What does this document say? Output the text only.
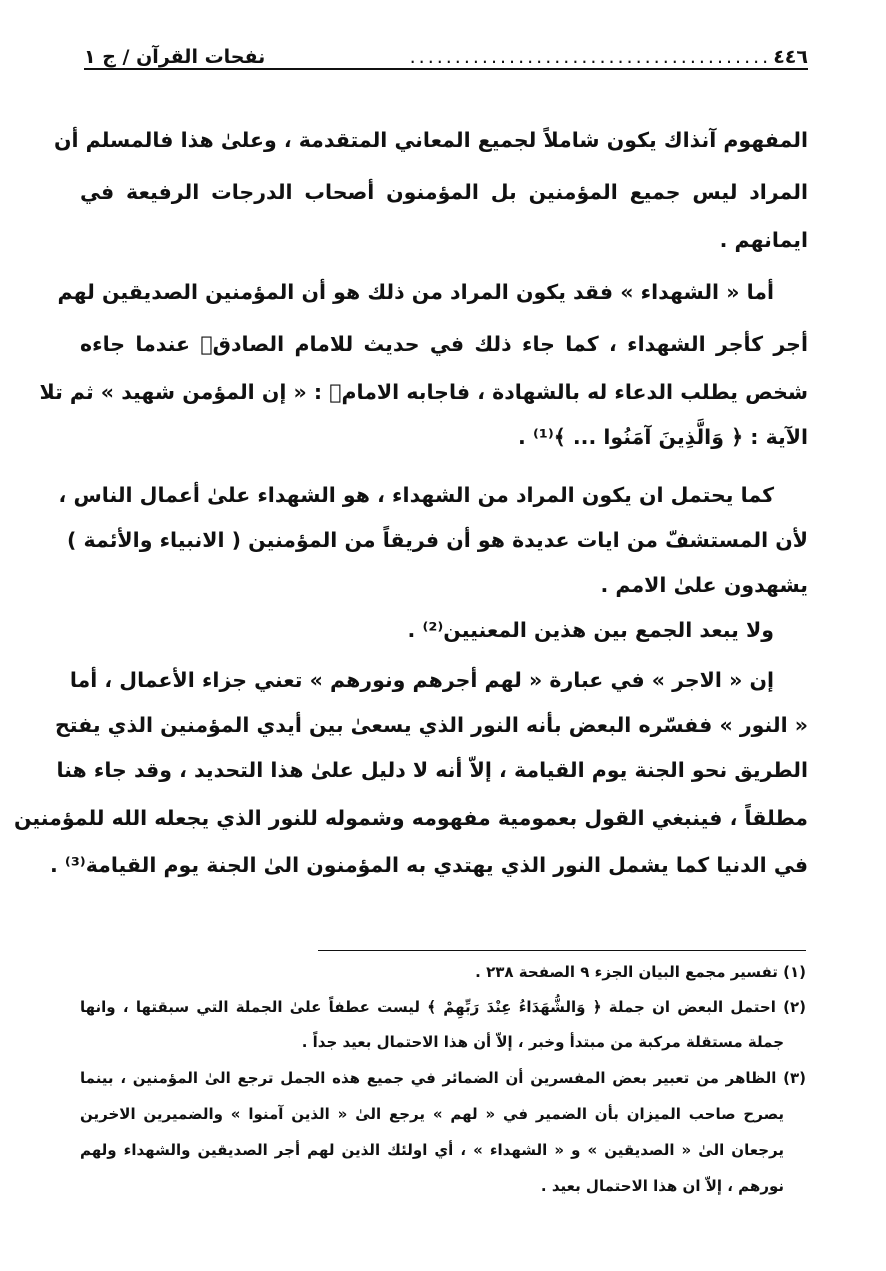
٤٤٦
........................................
نفحات القرآن / ج ١
المفهوم آنذاك يكون شاملاً لجميع المعاني المتقدمة ، وعلىٰ هذا فالمسلم أن
المراد ليس جميع المؤمنين بل المؤمنون أصحاب الدرجات الرفيعة في
ايمانهم .
أما « الشهداء » فقد يكون المراد من ذلك هو أن المؤمنين الصديقين لهم
أجر كأجر الشهداء ، كما جاء ذلك في حديث للامام الصادقؑ عندما جاءه
شخص يطلب الدعاء له بالشهادة ، فاجابه الامامؑ : « إن المؤمن شهيد » ثم تلا
الآية : ﴿ وَالَّذِينَ آمَنُوا ... ﴾⁽¹⁾ .
كما يحتمل ان يكون المراد من الشهداء ، هو الشهداء علىٰ أعمال الناس ،
لأن المستشفّ من ايات عديدة هو أن فريقاً من المؤمنين ( الانبياء والأئمة )
يشهدون علىٰ الامم .
ولا يبعد الجمع بين هذين المعنيين⁽²⁾ .
إن « الاجر » في عبارة « لهم أجرهم ونورهم » تعني جزاء الأعمال ، أما
« النور » ففسّره البعض بأنه النور الذي يسعىٰ بين أيدي المؤمنين الذي يفتح
الطريق نحو الجنة يوم القيامة ، إلاّ أنه لا دليل علىٰ هذا التحديد ، وقد جاء هنا
مطلقاً ، فينبغي القول بعمومية مفهومه وشموله للنور الذي يجعله الله للمؤمنين
في الدنيا كما يشمل النور الذي يهتدي به المؤمنون الىٰ الجنة يوم القيامة⁽³⁾ .
(١) تفسير مجمع البيان الجزء ٩ الصفحة ٢٣٨ .
(٢) احتمل البعض ان جملة ﴿ وَالشُّهَدَاءُ عِنْدَ رَبِّهِمْ ﴾ ليست عطفاً علىٰ الجملة التي سبقتها ، وانها
جملة مستقلة مركبة من مبتدأ وخبر ، إلاّ أن هذا الاحتمال بعيد جداً .
(٣) الظاهر من تعبير بعض المفسرين أن الضمائر في جميع هذه الجمل ترجع الىٰ المؤمنين ، بينما
يصرح صاحب الميزان بأن الضمير في « لهم » يرجع الىٰ « الذين آمنوا » والضميرين الاخرين
يرجعان الىٰ « الصديقين » و « الشهداء » ، أي اولئك الذين لهم أجر الصديقين والشهداء ولهم
نورهم ، إلاّ ان هذا الاحتمال بعيد .
